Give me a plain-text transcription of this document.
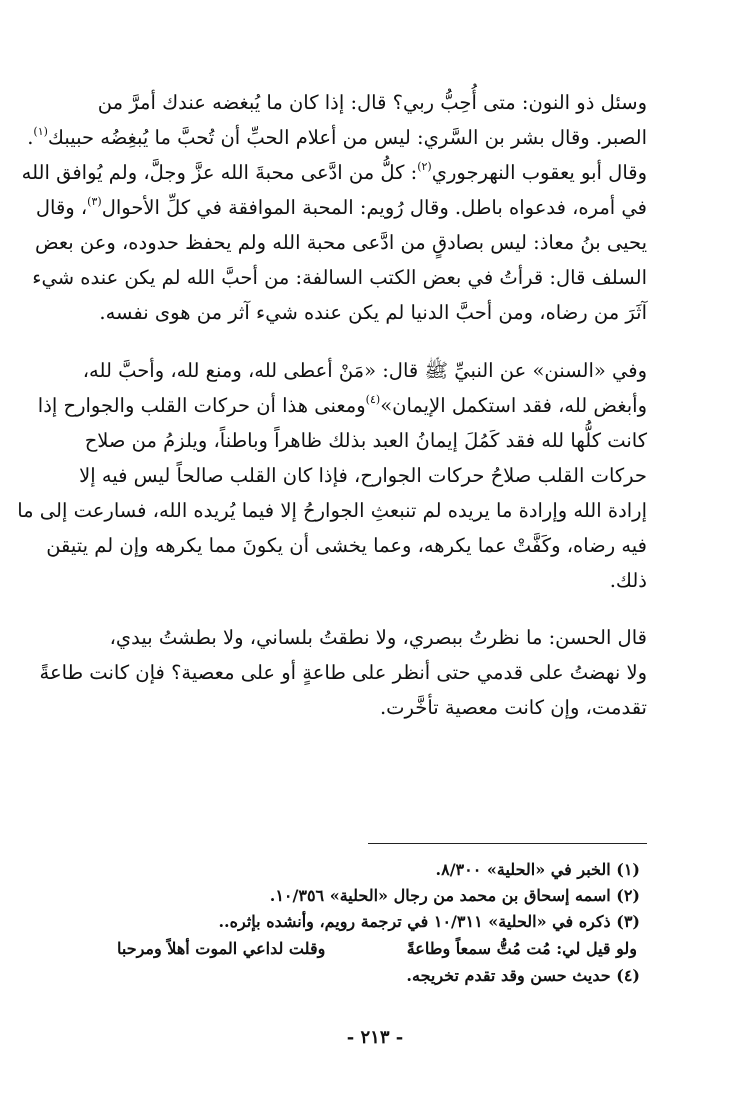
وسئل ذو النون: متى أُحِبُّ ربي؟ قال: إذا كان ما يُبغضه عندك أمرَّ من
الصبر. وقال بشر بن السَّري: ليس من أعلام الحبِّ أن تُحبَّ ما يُبغِضُه حبيبك$^{(١)}$.
وقال أبو يعقوب النهرجوري$^{(٢)}$: كلُّ من ادَّعى محبةَ الله عزَّ وجلَّ، ولم يُوافق الله
في أمره، فدعواه باطل. وقال رُويم: المحبة الموافقة في كلِّ الأحوال$^{(٣)}$، وقال
يحيى بنُ معاذ: ليس بصادقٍ من ادَّعى محبة الله ولم يحفظ حدوده، وعن بعض
السلف قال: قرأتُ في بعض الكتب السالفة: من أحبَّ الله لم يكن عنده شيء
آثَرَ من رضاه، ومن أحبَّ الدنيا لم يكن عنده شيء آثر من هوى نفسه.
وفي «السنن» عن النبيِّ ﷺ قال: «مَنْ أعطى لله، ومنع لله، وأحبَّ لله،
وأبغض لله، فقد استكمل الإيمان»$^{(٤)}$ومعنى هذا أن حركات القلب والجوارح إذا
كانت كلُّها لله فقد كَمُلَ إيمانُ العبد بذلك ظاهراً وباطناً، ويلزمُ من صلاح
حركات القلب صلاحُ حركات الجوارح، فإذا كان القلب صالحاً ليس فيه إلا
إرادة الله وإرادة ما يريده لم تنبعثِ الجوارحُ إلا فيما يُريده الله، فسارعت إلى ما
فيه رضاه، وكَفَّتْ عما يكرهه، وعما يخشى أن يكونَ مما يكرهه وإن لم يتيقن
ذلك.
قال الحسن: ما نظرتُ ببصري، ولا نطقتُ بلساني، ولا بطشتُ بيدي،
ولا نهضتُ على قدمي حتى أنظر على طاعةٍ أو على معصية؟ فإن كانت طاعةً
تقدمت، وإن كانت معصية تأخَّرت.
(١) الخبر في «الحلية» ٨/٣٠٠.
(٢) اسمه إسحاق بن محمد من رجال «الحلية» ١٠/٣٥٦.
(٣) ذكره في «الحلية» ١٠/٣١١ في ترجمة رويم، وأنشده بإثره..
ولو قيل لي: مُت مُتُّ سمعاً وطاعةً
وقلت لداعي الموت أهلاً ومرحبا
(٤) حديث حسن وقد تقدم تخريجه.
- ٢١٣ -
